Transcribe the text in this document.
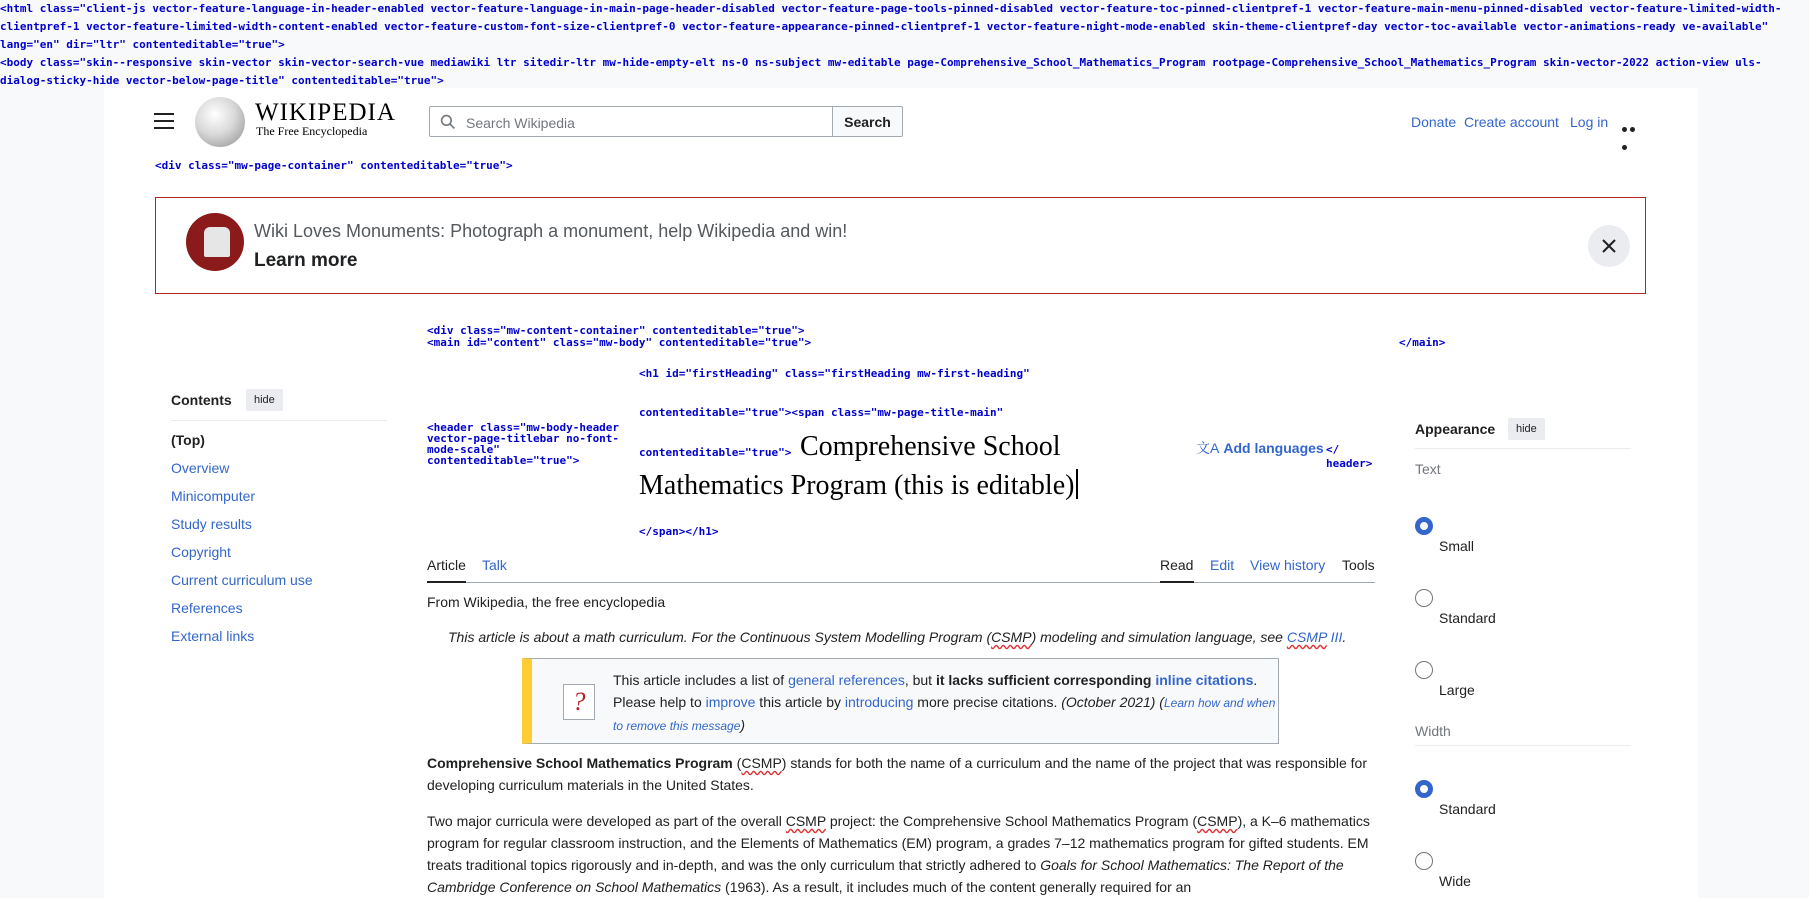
<html class="client-js vector-feature-language-in-header-enabled vector-feature-language-in-main-page-header-disabled vector-feature-page-tools-pinned-disabled vector-feature-toc-pinned-clientpref-1 vector-feature-main-menu-pinned-disabled vector-feature-limited-width-clientpref-1 vector-feature-limited-width-content-enabled vector-feature-custom-font-size-clientpref-0 vector-feature-appearance-pinned-clientpref-1 vector-feature-night-mode-enabled skin-theme-clientpref-day vector-toc-available vector-animations-ready ve-available" lang="en" dir="ltr" contenteditable="true">
<body class="skin--responsive skin-vector skin-vector-search-vue mediawiki ltr sitedir-ltr mw-hide-empty-elt ns-0 ns-subject mw-editable page-Comprehensive_School_Mathematics_Program rootpage-Comprehensive_School_Mathematics_Program skin-vector-2022 action-view uls-dialog-sticky-hide vector-below-page-title" contenteditable="true">
WIKIPEDIA
The Free Encyclopedia
Search Wikipedia
Search	Donate Create account Log in
<div class="mw-page-container" contenteditable="true">
Wiki Loves Monuments: Photograph a monument, help Wikipedia and win!
Learn more
<div class="mw-content-container" contenteditable="true">
<main id="content" class="mw-body" contenteditable="true">	</main>
Contents	hide
(Top)
Overview
Minicomputer
Study results
Copyright
Current curriculum use
References
External links
<header class="mw-body-header
vector-page-titlebar no-font-
mode-scale"
contenteditable="true">
<h1 id="firstHeading" class="firstHeading mw-first-heading"
contenteditable="true"><span class="mw-page-title-main"
contenteditable="true"> Comprehensive School
Mathematics Program (this is editable)
</span></h1>
文A Add languages </
header>
Article Talk	Read Edit View history Tools
From Wikipedia, the free encyclopedia
This article is about a math curriculum. For the Continuous System Modelling Program (CSMP) modeling and simulation language, see CSMP III.
?
This article includes a list of general references, but it lacks sufficient corresponding inline citations.
Please help to improve this article by introducing more precise citations. (October 2021) (Learn how and when to remove this message)
Comprehensive School Mathematics Program (CSMP) stands for both the name of a curriculum and the name of the project that was responsible for developing curriculum materials in the United States.
Two major curricula were developed as part of the overall CSMP project: the Comprehensive School Mathematics Program (CSMP), a K–6 mathematics program for regular classroom instruction, and the Elements of Mathematics (EM) program, a grades 7–12 mathematics program for gifted students. EM treats traditional topics rigorously and in-depth, and was the only curriculum that strictly adhered to Goals for School Mathematics: The Report of the Cambridge Conference on School Mathematics (1963). As a result, it includes much of the content generally required for an
Appearance	hide
Text
Small
Standard
Large
Width
Standard
Wide
